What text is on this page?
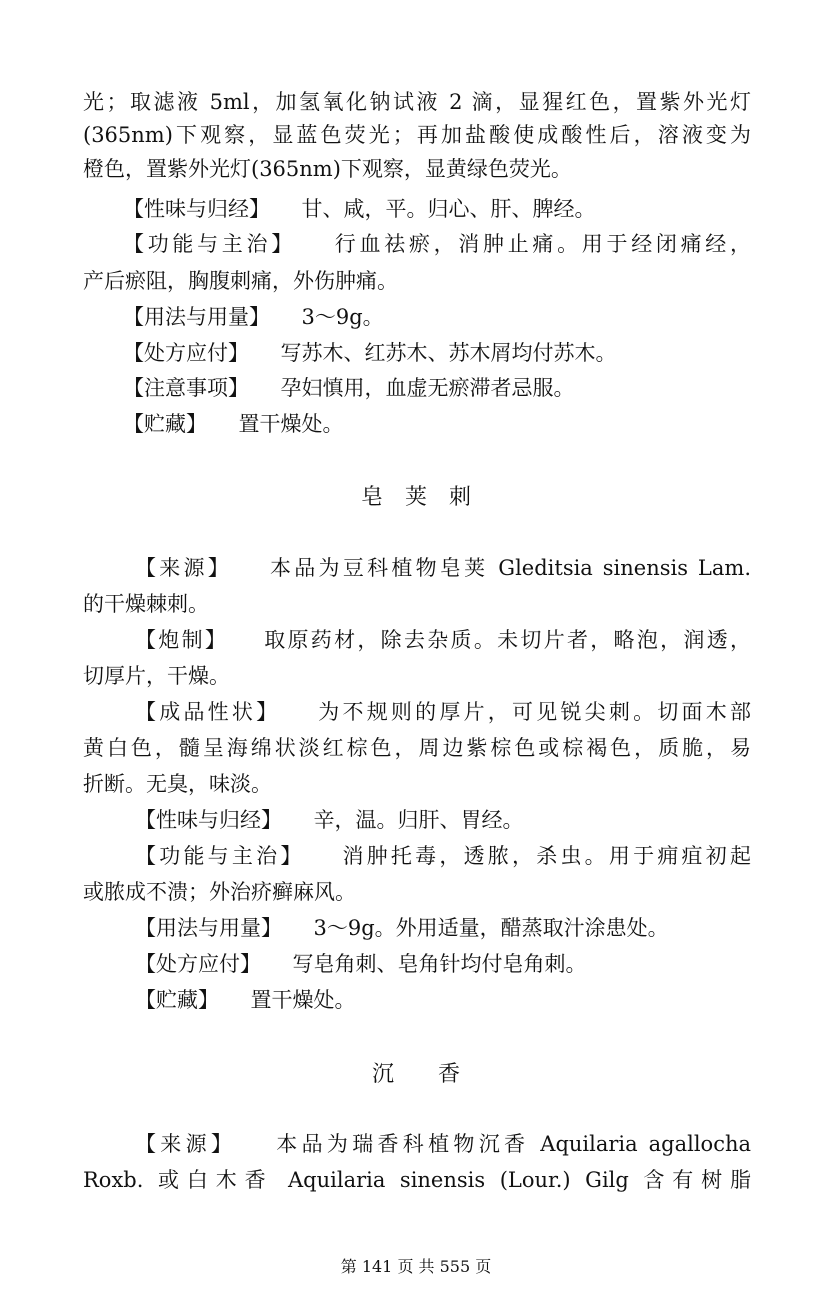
光；取滤液 5ml，加氢氧化钠试液 2 滴，显猩红色，置紫外光灯
(365nm)下观察，显蓝色荧光；再加盐酸使成酸性后，溶液变为
橙色，置紫外光灯(365nm)下观察，显黄绿色荧光。
【性味与归经】　　甘、咸，平。归心、肝、脾经。
【功能与主治】　　行血祛瘀，消肿止痛。用于经闭痛经，
产后瘀阻，胸腹刺痛，外伤肿痛。
【用法与用量】　　3～9g。
【处方应付】　　写苏木、红苏木、苏木屑均付苏木。
【注意事项】　　孕妇慎用，血虚无瘀滞者忌服。
【贮藏】　　置干燥处。
皂　荚　刺
【来源】　　本品为豆科植物皂荚 Gleditsia sinensis Lam.
的干燥棘刺。
【炮制】　　取原药材，除去杂质。未切片者，略泡，润透，
切厚片，干燥。
【成品性状】　　为不规则的厚片，可见锐尖刺。切面木部
黄白色，髓呈海绵状淡红棕色，周边紫棕色或棕褐色，质脆，易
折断。无臭，味淡。
【性味与归经】　　辛，温。归肝、胃经。
【功能与主治】　　消肿托毒，透脓，杀虫。用于痈疽初起
或脓成不溃；外治疥癣麻风。
【用法与用量】　　3～9g。外用适量，醋蒸取汁涂患处。
【处方应付】　　写皂角刺、皂角针均付皂角刺。
【贮藏】　　置干燥处。
沉　　香
【来源】　　本品为瑞香科植物沉香 Aquilaria agallocha
Roxb. 或白木香 Aquilaria sinensis (Lour.) Gilg 含有树脂
第 141 页 共 555 页
